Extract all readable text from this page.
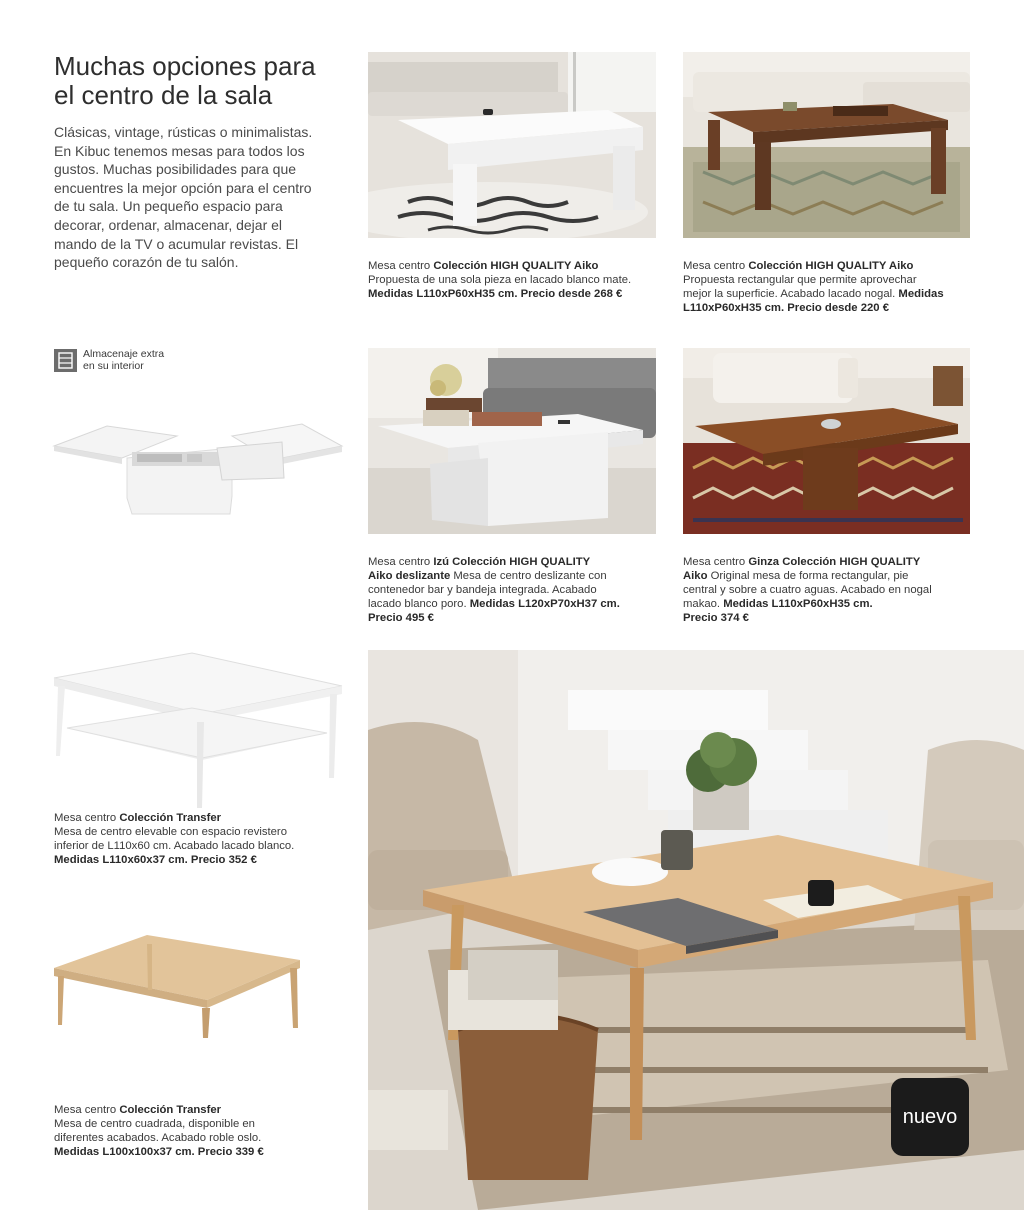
Muchas opciones para
el centro de la sala
Clásicas, vintage, rústicas o minimalistas.
En Kibuc tenemos mesas para todos los
gustos. Muchas posibilidades para que
encuentres la mejor opción para el centro
de tu sala. Un pequeño espacio para
decorar, ordenar, almacenar, dejar el
mando de la TV o acumular revistas. El
pequeño corazón de tu salón.	Mesa centro Colección HIGH QUALITY Aiko
Propuesta de una sola pieza en lacado blanco mate.
Medidas L110xP60xH35 cm. Precio desde 268 €
Mesa centro Colección HIGH QUALITY Aiko
Propuesta rectangular que permite aprovechar
mejor la superficie. Acabado lacado nogal. Medidas
L110xP60xH35 cm. Precio desde 220 €
Almacenaje extra
en su interior
Mesa centro Izú Colección HIGH QUALITY
Aiko deslizante Mesa de centro deslizante con
contenedor bar y bandeja integrada. Acabado
lacado blanco poro. Medidas L120xP70xH37 cm.
Precio 495 €
Mesa centro Ginza Colección HIGH QUALITY
Aiko Original mesa de forma rectangular, pie
central y sobre a cuatro aguas. Acabado en nogal
makao. Medidas L110xP60xH35 cm.
Precio 374 €
Mesa centro Colección Transfer
Mesa de centro elevable con espacio revistero
inferior de L110x60 cm. Acabado lacado blanco.
Medidas L110x60x37 cm. Precio 352 €
Mesa centro Colección Transfer
Mesa de centro cuadrada, disponible en
diferentes acabados. Acabado roble oslo.
Medidas L100x100x37 cm. Precio 339 €
nuevo
